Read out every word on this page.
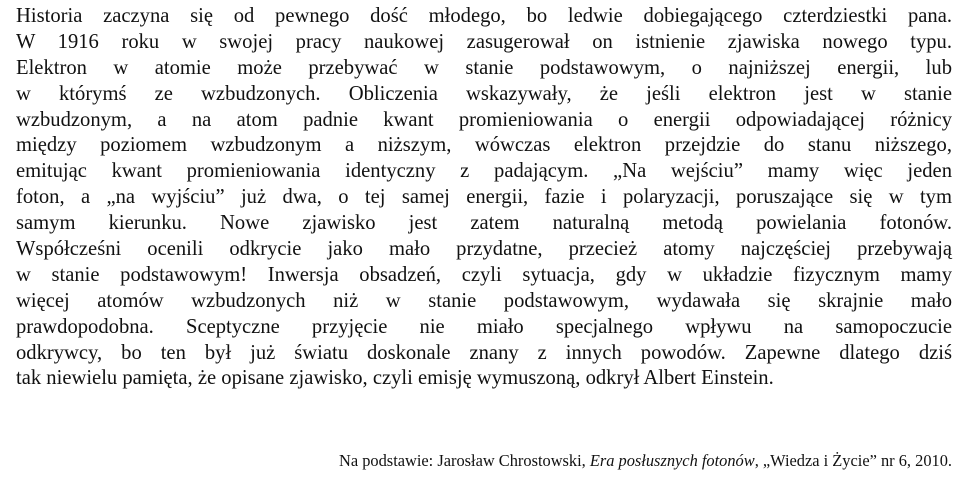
Historia zaczyna się od pewnego dość młodego, bo ledwie dobiegającego czterdziestki pana.
W 1916 roku w swojej pracy naukowej zasugerował on istnienie zjawiska nowego typu.
Elektron w atomie może przebywać w stanie podstawowym, o najniższej energii, lub
w którymś ze wzbudzonych. Obliczenia wskazywały, że jeśli elektron jest w stanie
wzbudzonym, a na atom padnie kwant promieniowania o energii odpowiadającej różnicy
między poziomem wzbudzonym a niższym, wówczas elektron przejdzie do stanu niższego,
emitując kwant promieniowania identyczny z padającym. „Na wejściu” mamy więc jeden
foton, a „na wyjściu” już dwa, o tej samej energii, fazie i polaryzacji, poruszające się w tym
samym kierunku. Nowe zjawisko jest zatem naturalną metodą powielania fotonów.
Współcześni ocenili odkrycie jako mało przydatne, przecież atomy najczęściej przebywają
w stanie podstawowym! Inwersja obsadzeń, czyli sytuacja, gdy w układzie fizycznym mamy
więcej atomów wzbudzonych niż w stanie podstawowym, wydawała się skrajnie mało
prawdopodobna. Sceptyczne przyjęcie nie miało specjalnego wpływu na samopoczucie
odkrywcy, bo ten był już światu doskonale znany z innych powodów. Zapewne dlatego dziś
tak niewielu pamięta, że opisane zjawisko, czyli emisję wymuszoną, odkrył Albert Einstein.

Na podstawie: Jarosław Chrostowski, Era posłusznych fotonów, „Wiedza i Życie” nr 6, 2010.
